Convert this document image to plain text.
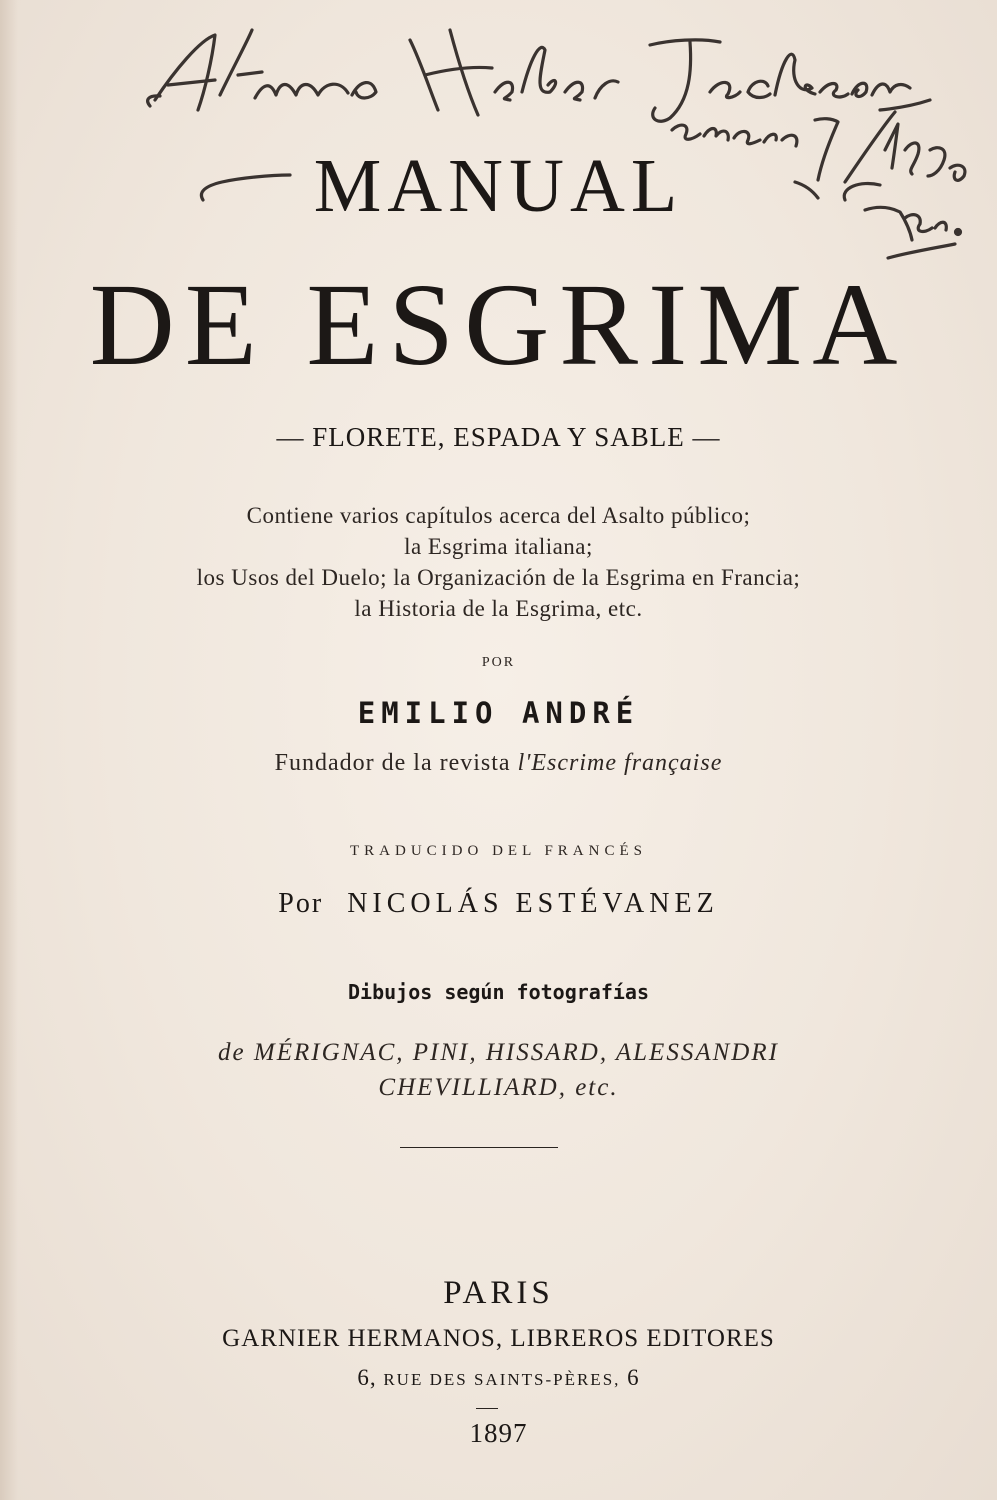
MANUAL
DE ESGRIMA
— FLORETE, ESPADA Y SABLE —
Contiene varios capítulos acerca del Asalto público;
la Esgrima italiana;
los Usos del Duelo; la Organización de la Esgrima en Francia;
la Historia de la Esgrima, etc.
POR
EMILIO ANDRÉ
Fundador de la revista l'Escrime française
TRADUCIDO DEL FRANCÉS
Por NICOLÁS ESTÉVANEZ
Dibujos según fotografías
de MÉRIGNAC, PINI, HISSARD, ALESSANDRI
CHEVILLIARD, etc.
PARIS
GARNIER HERMANOS, LIBREROS EDITORES
6, RUE DES SAINTS-PÈRES, 6
1897
